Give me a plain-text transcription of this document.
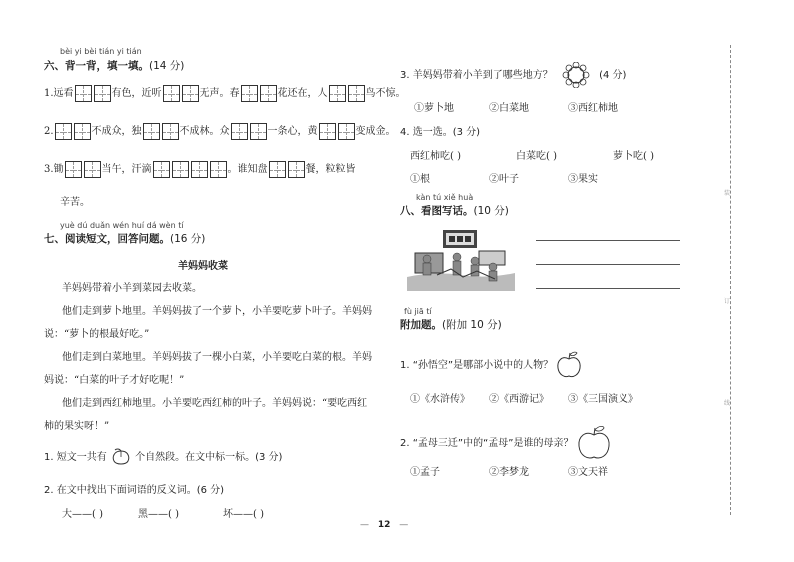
bèi yi bèi tián yi tián
六、背一背，填一填。(14 分)
1.远看	有色，近听	无声。春	花还在，人	鸟不惊。
2.	不成众，独	不成林。众	一条心，黄	变成金。
3.锄	当午，汗滴	。谁知盘	餐，粒粒皆
辛苦。
yuè dú duǎn wén huí dá wèn tí
七、阅读短文，回答问题。(16 分)
羊妈妈收菜
羊妈妈带着小羊到菜园去收菜。
他们走到萝卜地里。羊妈妈拔了一个萝卜，小羊要吃萝卜叶子。羊妈妈
说：“萝卜的根最好吃。”
他们走到白菜地里。羊妈妈拔了一棵小白菜，小羊要吃白菜的根。羊妈
妈说：“白菜的叶子才好吃呢！”
他们走到西红柿地里。小羊要吃西红柿的叶子。羊妈妈说：“要吃西红
柿的果实呀！”
1. 短文一共有	个自然段。在文中标一标。(3 分)
2. 在文中找出下面词语的反义词。(6 分)
大——( )	黑——( )	坏——( )
3. 羊妈妈带着小羊到了哪些地方？	(4 分)
①萝卜地	②白菜地	③西红柿地
4. 选一选。(3 分)
西红柿吃( )	白菜吃( )	萝卜吃( )
①根	②叶子	③果实
kàn tú xiě huà
八、看图写话。(10 分)
fù jiā tí
附加题。(附加 10 分)
1. “孙悟空”是哪部小说中的人物？
①《水浒传》 ②《西游记》 ③《三国演义》
2. “孟母三迁”中的“孟母”是谁的母亲？
①孟子	②李梦龙	③文天祥
装
订
线
— 12 —
